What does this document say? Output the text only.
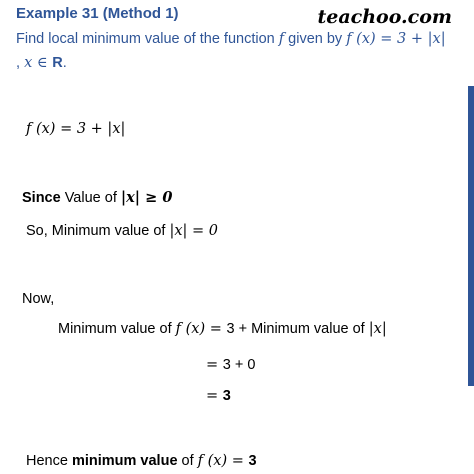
Example 31 (Method 1)	teachoo.com
Find local minimum value of the function f given by f (x) = 3 + |x|
, x ∈ R.
f (x) = 3 + |x|
Since Value of |x| ≥ 0
So, Minimum value of |x| = 0
Now,
Minimum value of f (x) = 3 + Minimum value of |x|
= 3 + 0
= 3
Hence minimum value of f (x) = 3
